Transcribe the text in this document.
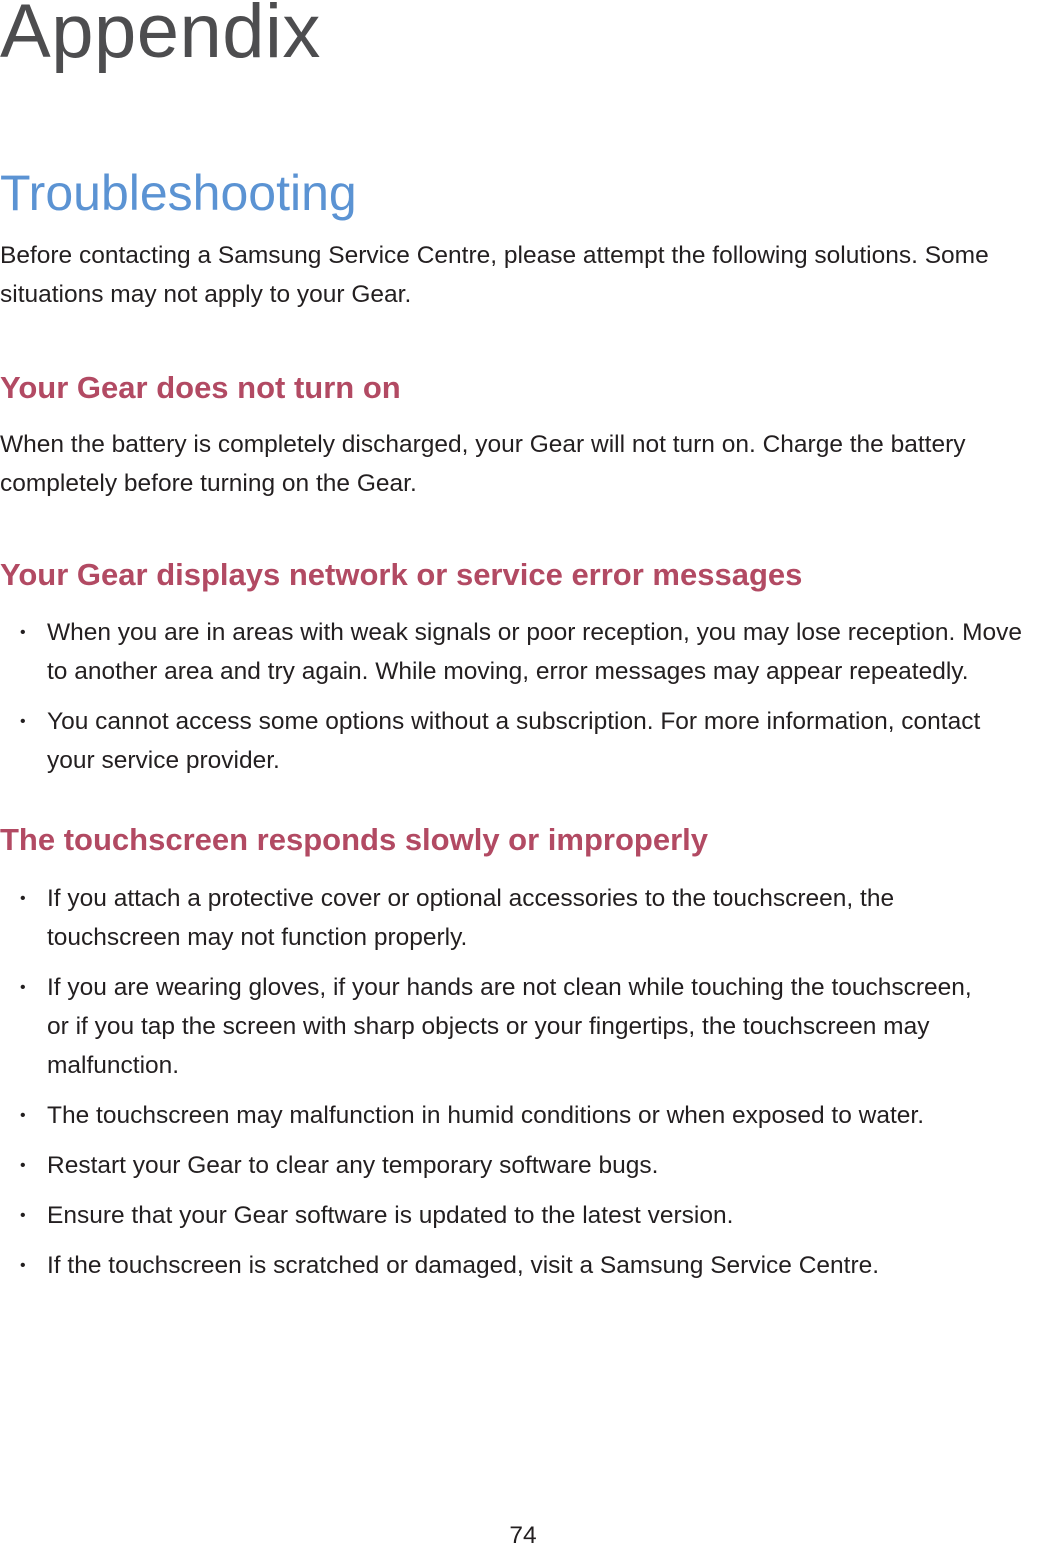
Appendix
Troubleshooting

Before contacting a Samsung Service Centre, please attempt the following solutions. Some situations may not apply to your Gear.

Your Gear does not turn on

When the battery is completely discharged, your Gear will not turn on. Charge the battery completely before turning on the Gear.

Your Gear displays network or service error messages
• When you are in areas with weak signals or poor reception, you may lose reception. Move to another area and try again. While moving, error messages may appear repeatedly.
• You cannot access some options without a subscription. For more information, contact your service provider.
The touchscreen responds slowly or improperly
• If you attach a protective cover or optional accessories to the touchscreen, the touchscreen may not function properly.
• If you are wearing gloves, if your hands are not clean while touching the touchscreen, or if you tap the screen with sharp objects or your fingertips, the touchscreen may malfunction.
• The touchscreen may malfunction in humid conditions or when exposed to water.
• Restart your Gear to clear any temporary software bugs.
• Ensure that your Gear software is updated to the latest version.
• If the touchscreen is scratched or damaged, visit a Samsung Service Centre.

74
